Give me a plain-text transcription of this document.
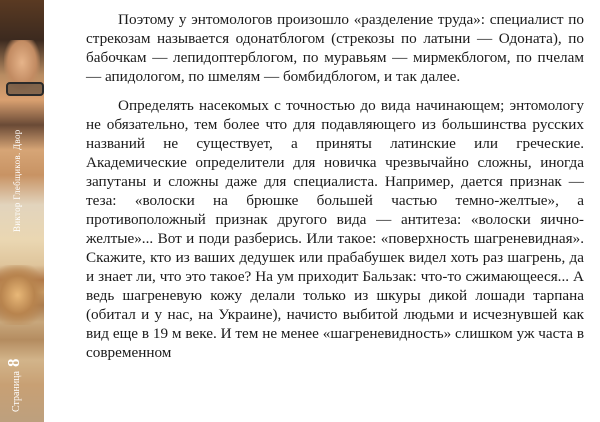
Виктор Глебщиков. Двор
Страница 8

Поэтому у энтомологов произошло «разделение труда»: специалист по стрекозам называется одонатблогом (стрекозы по латыни — Одоната), по бабочкам — лепидоптерблогом, по муравьям — мирмекблогом, по пчелам — апидологом, по шмелям — бомбидблогом, и так далее.

Определять насекомых с точностью до вида начинающем; энтомологу не обязательно, тем более что для подавляющего из большинства русских названий не существует, а приняты латинские или греческие. Академические определители для новичка чрезвычайно сложны, иногда запутаны и сложны даже для специалиста. Например, дается признак — теза: «волоски на брюшке большей частью темно-желтые», а противоположный признак другого вида — антитеза: «волоски яично-желтые»... Вот и поди разберись. Или такое: «поверхность шагреневидная». Скажите, кто из ваших дедушек или прабабушек видел хоть раз шагрень, да и знает ли, что это такое? На ум приходит Бальзак: что-то сжимающееся... А ведь шагреневую кожу делали только из шкуры дикой лошади тарпана (обитал и у нас, на Украине), начисто выбитой людьми и исчезнувшей как вид еще в 19 м веке. И тем не менее «шагреневидность» слишком уж часта в современном
